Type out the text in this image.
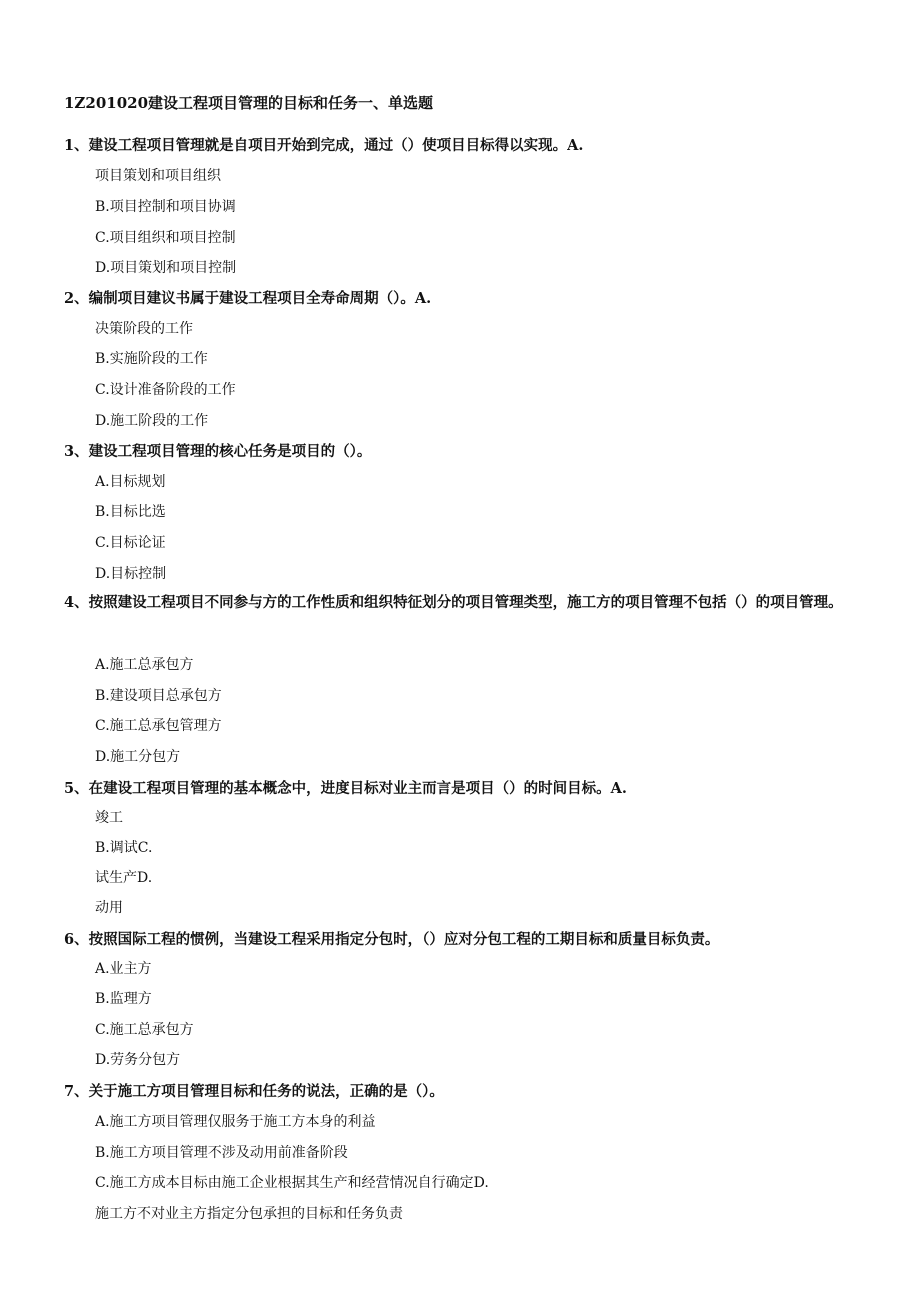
1Z201020建设工程项目管理的目标和任务一、单选题
1、建设工程项目管理就是自项目开始到完成，通过（）使项目目标得以实现。A.
项目策划和项目组织
B.项目控制和项目协调
C.项目组织和项目控制
D.项目策划和项目控制
2、编制项目建议书属于建设工程项目全寿命周期（）。A.
决策阶段的工作
B.实施阶段的工作
C.设计准备阶段的工作
D.施工阶段的工作
3、建设工程项目管理的核心任务是项目的（）。
A.目标规划
B.目标比选
C.目标论证
D.目标控制
4、按照建设工程项目不同参与方的工作性质和组织特征划分的项目管理类型，施工方的项目管理不包括（）的项目管理。
A.施工总承包方
B.建设项目总承包方
C.施工总承包管理方
D.施工分包方
5、在建设工程项目管理的基本概念中，进度目标对业主而言是项目（）的时间目标。A.
竣工
B.调试C.
试生产D.
动用
6、按照国际工程的惯例，当建设工程采用指定分包时，（）应对分包工程的工期目标和质量目标负责。
A.业主方
B.监理方
C.施工总承包方
D.劳务分包方
7、关于施工方项目管理目标和任务的说法，正确的是（）。
A.施工方项目管理仅服务于施工方本身的利益
B.施工方项目管理不涉及动用前准备阶段
C.施工方成本目标由施工企业根据其生产和经营情况自行确定D.
施工方不对业主方指定分包承担的目标和任务负责
